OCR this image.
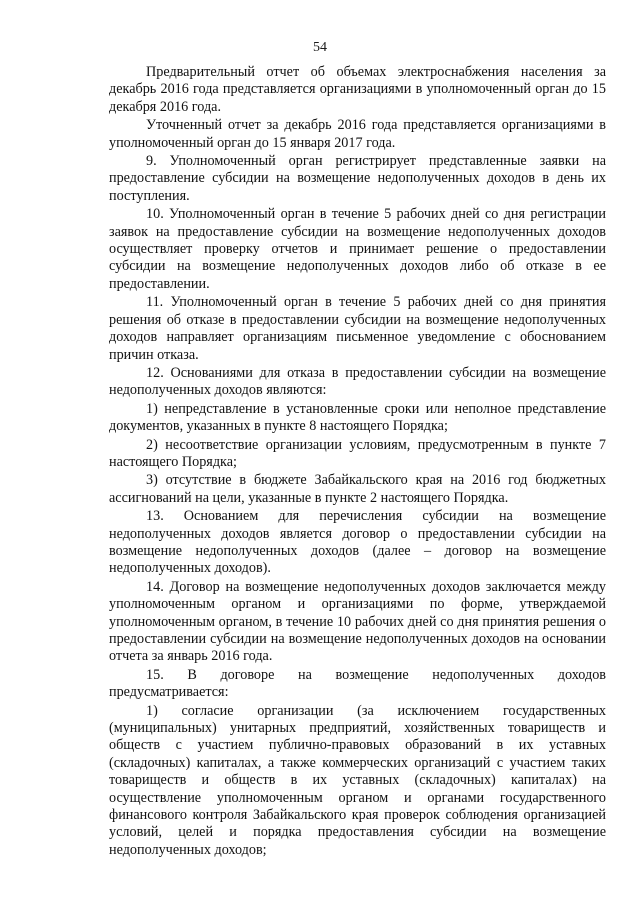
54

Предварительный отчет об объемах электроснабжения населения за декабрь 2016 года представляется организациями в уполномоченный орган до 15 декабря 2016 года.

Уточненный отчет за декабрь 2016 года представляется организациями в уполномоченный орган до 15 января 2017 года.

9. Уполномоченный орган регистрирует представленные заявки на предоставление субсидии на возмещение недополученных доходов в день их поступления.

10. Уполномоченный орган в течение 5 рабочих дней со дня регистрации заявок на предоставление субсидии на возмещение недополученных доходов осуществляет проверку отчетов и принимает решение о предоставлении субсидии на возмещение недополученных доходов либо об отказе в ее предоставлении.

11. Уполномоченный орган в течение 5 рабочих дней со дня принятия решения об отказе в предоставлении субсидии на возмещение недополученных доходов направляет организациям письменное уведомление с обоснованием причин отказа.

12. Основаниями для отказа в предоставлении субсидии на возмещение недополученных доходов являются:

1) непредставление в установленные сроки или неполное представление документов, указанных в пункте 8 настоящего Порядка;

2) несоответствие организации условиям, предусмотренным в пункте 7 настоящего Порядка;

3) отсутствие в бюджете Забайкальского края на 2016 год бюджетных ассигнований на цели, указанные в пункте 2 настоящего Порядка.

13. Основанием для перечисления субсидии на возмещение недополученных доходов является договор о предоставлении субсидии на возмещение недополученных доходов (далее – договор на возмещение недополученных доходов).

14. Договор на возмещение недополученных доходов заключается между уполномоченным органом и организациями по форме, утверждаемой уполномоченным органом, в течение 10 рабочих дней со дня принятия решения о предоставлении субсидии на возмещение недополученных доходов на основании отчета за январь 2016 года.

15. В договоре на возмещение недополученных доходов предусматривается:

1) согласие организации (за исключением государственных (муниципальных) унитарных предприятий, хозяйственных товариществ и обществ с участием публично-правовых образований в их уставных (складочных) капиталах, а также коммерческих организаций с участием таких товариществ и обществ в их уставных (складочных) капиталах) на осуществление уполномоченным органом и органами государственного финансового контроля Забайкальского края проверок соблюдения организацией условий, целей и порядка предоставления субсидии на возмещение недополученных доходов;
